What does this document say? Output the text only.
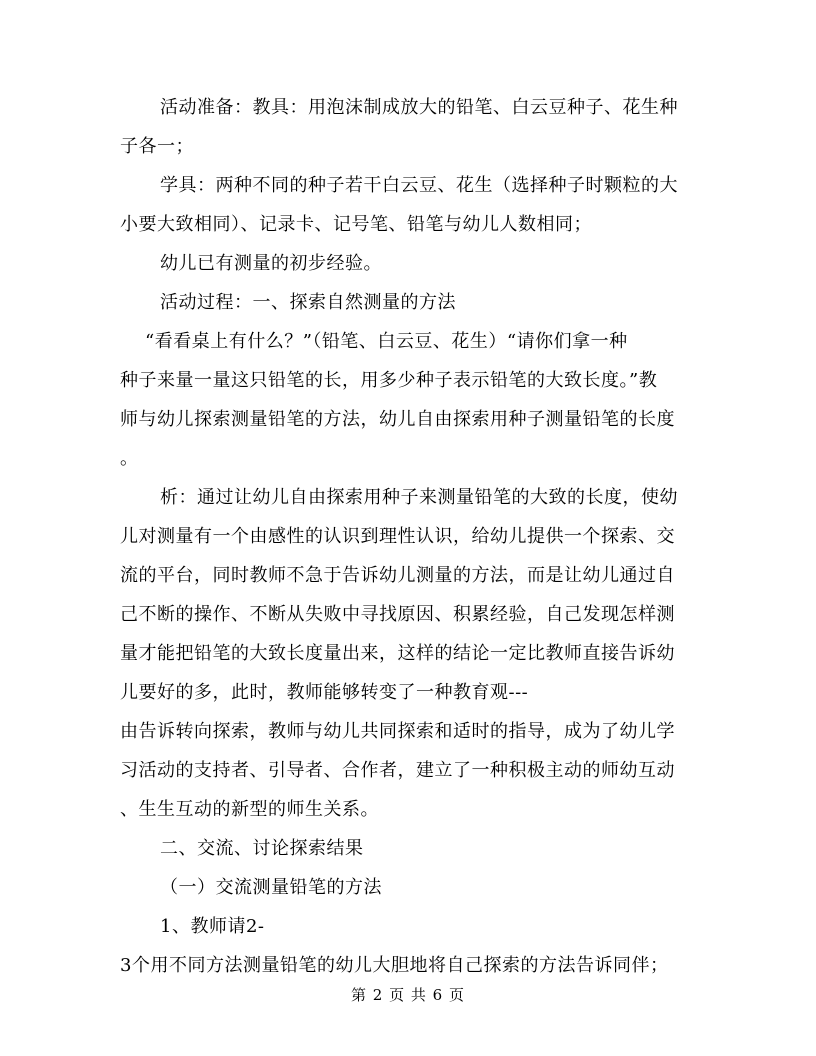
活动准备：教具：用泡沫制成放大的铅笔、白云豆种子、花生种
子各一；
学具：两种不同的种子若干白云豆、花生（选择种子时颗粒的大
小要大致相同）、记录卡、记号笔、铅笔与幼儿人数相同；
幼儿已有测量的初步经验。
活动过程：一、探索自然测量的方法
“看看桌上有什么？”（铅笔、白云豆、花生）“请你们拿一种
种子来量一量这只铅笔的长，用多少种子表示铅笔的大致长度。”教
师与幼儿探索测量铅笔的方法，幼儿自由探索用种子测量铅笔的长度
。
析：通过让幼儿自由探索用种子来测量铅笔的大致的长度，使幼
儿对测量有一个由感性的认识到理性认识，给幼儿提供一个探索、交
流的平台，同时教师不急于告诉幼儿测量的方法，而是让幼儿通过自
己不断的操作、不断从失败中寻找原因、积累经验，自己发现怎样测
量才能把铅笔的大致长度量出来，这样的结论一定比教师直接告诉幼
儿要好的多，此时，教师能够转变了一种教育观---
由告诉转向探索，教师与幼儿共同探索和适时的指导，成为了幼儿学
习活动的支持者、引导者、合作者，建立了一种积极主动的师幼互动
、生生互动的新型的师生关系。
二、交流、讨论探索结果
（一）交流测量铅笔的方法
1、教师请2-
3个用不同方法测量铅笔的幼儿大胆地将自己探索的方法告诉同伴；
第 2 页 共 6 页
